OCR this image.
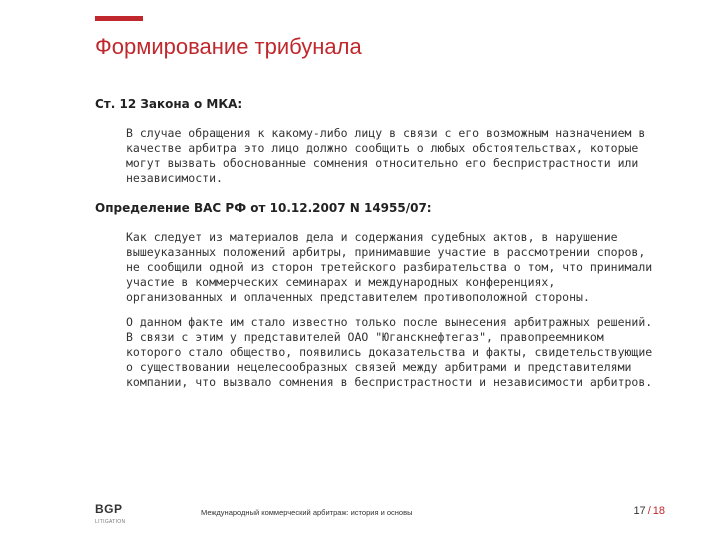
Формирование трибунала

Ст. 12 Закона о МКА:

В случае обращения к какому-либо лицу в связи с его возможным назначением в качестве арбитра это лицо должно сообщить о любых обстоятельствах, которые могут вызвать обоснованные сомнения относительно его беспристрастности или независимости.

Определение ВАС РФ от 10.12.2007 N 14955/07:

Как следует из материалов дела и содержания судебных актов, в нарушение вышеуказанных положений арбитры, принимавшие участие в рассмотрении споров, не сообщили одной из сторон третейского разбирательства о том, что принимали участие в коммерческих семинарах и международных конференциях, организованных и оплаченных представителем противоположной стороны.

О данном факте им стало известно только после вынесения арбитражных решений. В связи с этим у представителей ОАО "Юганскнефтегаз", правопреемником которого стало общество, появились доказательства и факты, свидетельствующие о существовании нецелесообразных связей между арбитрами и представителями компании, что вызвало сомнения в беспристрастности и независимости арбитров.

BGP
LITIGATION
Международный коммерческий арбитраж: история и основы	17 / 18
